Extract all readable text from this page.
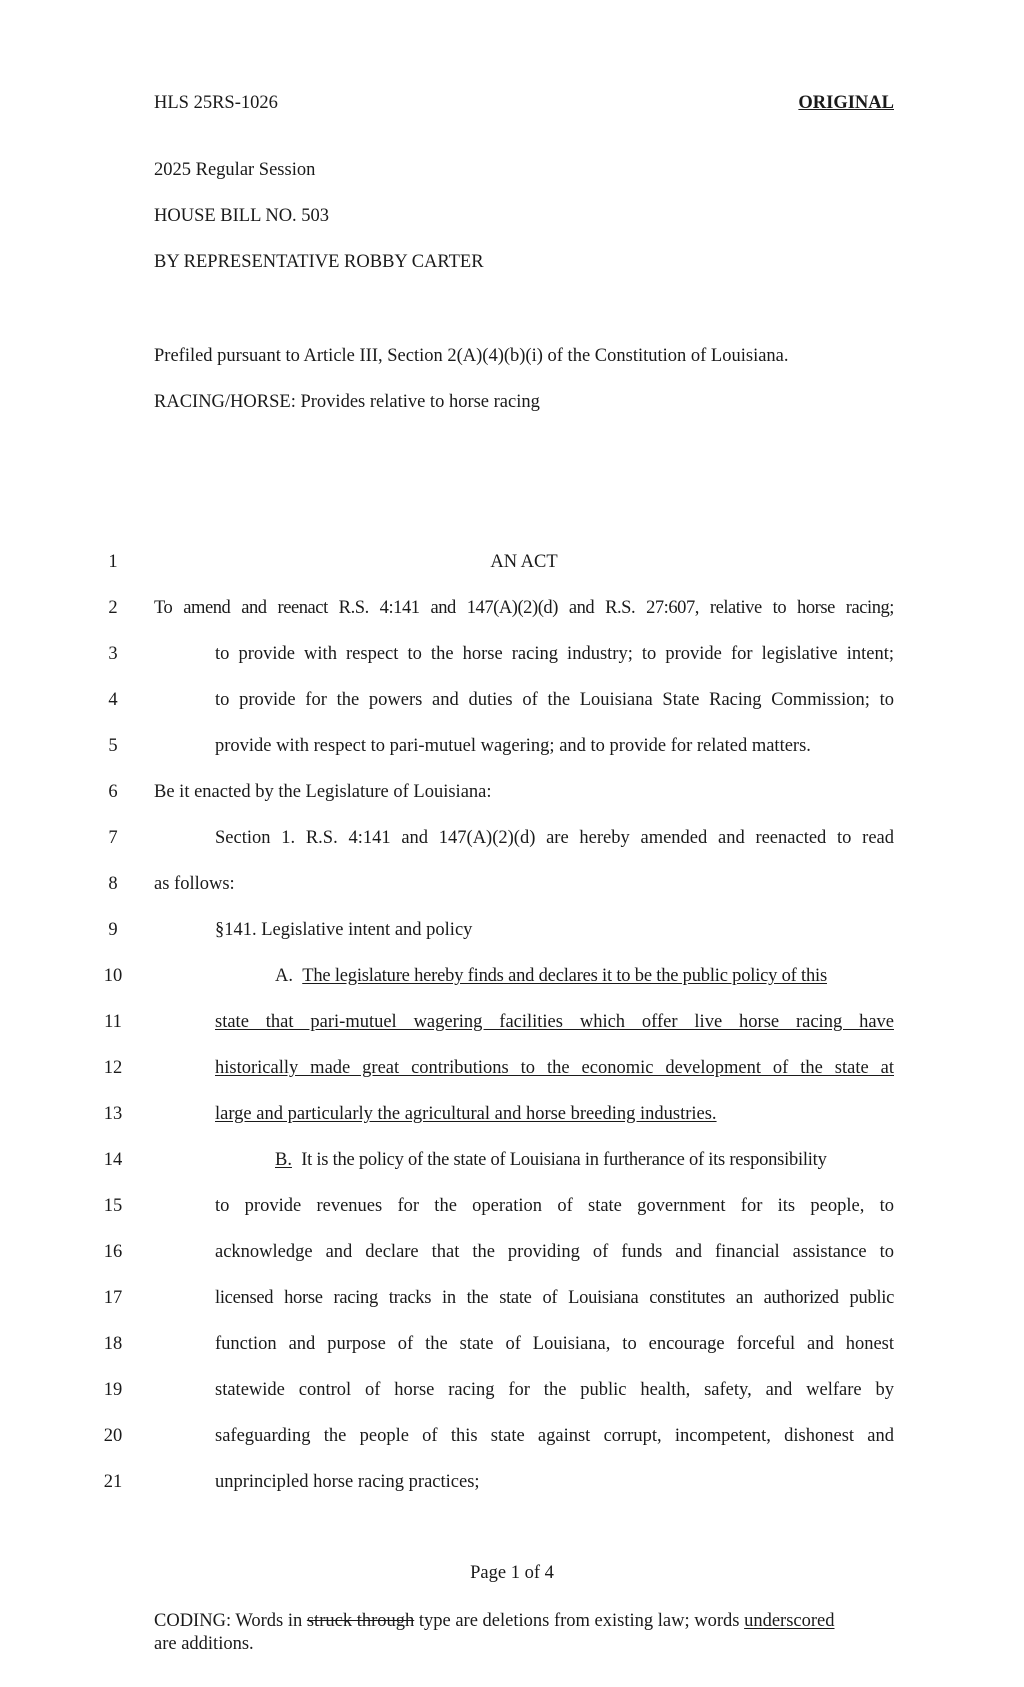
HLS 25RS-1026	ORIGINAL
2025 Regular Session
HOUSE BILL NO. 503
BY REPRESENTATIVE ROBBY CARTER
Prefiled pursuant to Article III, Section 2(A)(4)(b)(i) of the Constitution of Louisiana.
RACING/HORSE: Provides relative to horse racing
1	AN ACT
2	To amend and reenact R.S. 4:141 and 147(A)(2)(d) and R.S. 27:607, relative to horse racing;
3	to provide with respect to the horse racing industry; to provide for legislative intent;
4	to provide for the powers and duties of the Louisiana State Racing Commission; to
5	provide with respect to pari-mutuel wagering; and to provide for related matters.
6	Be it enacted by the Legislature of Louisiana:
7	Section 1. R.S. 4:141 and 147(A)(2)(d) are hereby amended and reenacted to read
8	as follows:
9	§141. Legislative intent and policy
10	A. The legislature hereby finds and declares it to be the public policy of this
11	state that pari-mutuel wagering facilities which offer live horse racing have
12	historically made great contributions to the economic development of the state at
13	large and particularly the agricultural and horse breeding industries.
14	B. It is the policy of the state of Louisiana in furtherance of its responsibility
15	to provide revenues for the operation of state government for its people, to
16	acknowledge and declare that the providing of funds and financial assistance to
17	licensed horse racing tracks in the state of Louisiana constitutes an authorized public
18	function and purpose of the state of Louisiana, to encourage forceful and honest
19	statewide control of horse racing for the public health, safety, and welfare by
20	safeguarding the people of this state against corrupt, incompetent, dishonest and
21	unprincipled horse racing practices;
Page 1 of 4
CODING: Words in struck through type are deletions from existing law; words underscored
are additions.
